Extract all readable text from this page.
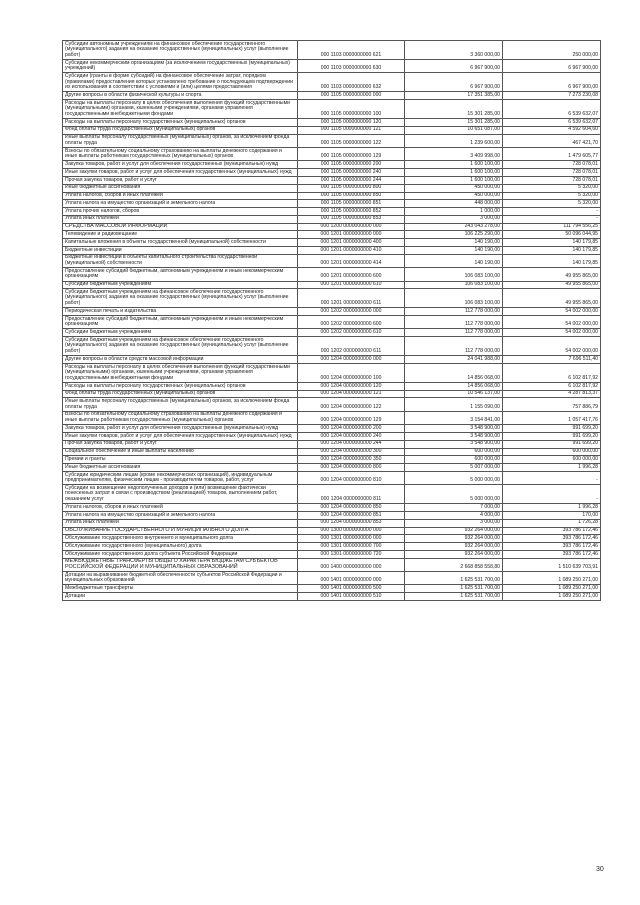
Субсидии автономным учреждениям на финансовое обеспечение государственного (муниципального) задания на оказание государственных (муниципальных) услуг (выполнение работ)	000 1103 0000000000 621	3 360 000,00	250 000,00
Субсидии некоммерческим организациям (за исключением государственных (муниципальных) учреждений)	000 1103 0000000000 630	6 967 900,00	6 967 900,00
Субсидии (гранты в форме субсидий) на финансовое обеспечение затрат, порядком (правилами) предоставления которых установлено требование о последующем подтверждении их использования в соответствии с условиями и (или) целями предоставления	000 1103 0000000000 632	6 967 900,00	6 967 900,00
Другие вопросы в области физической культуры и спорта	000 1105 0000000000 000	17 351 385,00	7 273 230,08
Расходы на выплаты персоналу в целях обеспечения выполнения функций государственными (муниципальными) органами, казенными учреждениями, органами управления государственными внебюджетными фондами	000 1105 0000000000 100	15 301 285,00	6 539 632,07
Расходы на выплаты персоналу государственных (муниципальных) органов	000 1105 0000000000 120	15 301 285,00	6 539 632,07
Фонд оплаты труда государственных (муниципальных) органов	000 1105 0000000000 121	10 651 087,00	4 592 604,60
Иные выплаты персоналу государственных (муниципальных) органов, за исключением фонда оплаты труда	000 1105 0000000000 122	1 239 600,00	467 421,70
Взносы по обязательному социальному страхованию на выплаты денежного содержания и иные выплаты работникам государственных (муниципальных) органов	000 1105 0000000000 129	3 409 998,00	1 479 605,77
Закупка товаров, работ и услуг для обеспечения государственных (муниципальных) нужд	000 1105 0000000000 200	1 600 100,00	728 078,01
Иные закупки товаров, работ и услуг для обеспечения государственных (муниципальных) нужд	000 1105 0000000000 240	1 600 100,00	728 078,01
Прочая закупка товаров, работ и услуг	000 1105 0000000000 244	1 600 100,00	728 078,01
Иные бюджетные ассигнования	000 1105 0000000000 800	450 000,00	5 320,00
Уплата налогов, сборов и иных платежей	000 1105 0000000000 850	450 000,00	5 320,00
Уплата налога на имущество организаций и земельного налога	000 1105 0000000000 851	448 000,00	5 320,00
Уплата прочих налогов, сборов	000 1105 0000000000 852	1 000,00	-
Уплата иных платежей	000 1105 0000000000 853	3 000,00	-
СРЕДСТВА МАССОВОЙ ИНФОРМАЦИИ	000 1200 0000000000 000	243 043 278,00	111 794 556,25
Телевидение и радиовещание	000 1201 0000000000 000	106 225 290,00	50 096 044,95
Капитальные вложения в объекты государственной (муниципальной) собственности	000 1201 0000000000 400	140 190,00	140 179,85
Бюджетные инвестиции	000 1201 0000000000 410	140 190,00	140 179,85
Бюджетные инвестиции в объекты капитального строительства государственной (муниципальной) собственности	000 1201 0000000000 414	140 190,00	140 179,85
Предоставление субсидий бюджетным, автономным учреждениям и иным некоммерческим организациям	000 1201 0000000000 600	106 083 100,00	49 955 865,00
Субсидии бюджетным учреждениям	000 1201 0000000000 610	106 083 100,00	49 955 865,00
Субсидии бюджетным учреждениям на финансовое обеспечение государственного (муниципального) задания на оказание государственных (муниципальных) услуг (выполнение работ)	000 1201 0000000000 611	106 083 100,00	49 955 865,00
Периодическая печать и издательства	000 1202 0000000000 000	112 778 000,00	54 002 000,00
Предоставление субсидий бюджетным, автономным учреждениям и иным некоммерческим организациям	000 1202 0000000000 600	112 778 000,00	54 002 000,00
Субсидии бюджетным учреждениям	000 1202 0000000000 610	112 778 000,00	54 002 000,00
Субсидии бюджетным учреждениям на финансовое обеспечение государственного (муниципального) задания на оказание государственных (муниципальных) услуг (выполнение работ)	000 1202 0000000000 611	112 778 000,00	54 002 000,00
Другие вопросы в области средств массовой информации	000 1204 0000000000 000	24 041 988,00	7 696 511,40
Расходы на выплаты персоналу в целях обеспечения выполнения функций государственными (муниципальными) органами, казенными учреждениями, органами управления государственными внебюджетными фондами	000 1204 0000000000 100	14 856 068,00	6 102 817,92
Расходы на выплаты персоналу государственных (муниципальных) органов	000 1204 0000000000 120	14 856 068,00	6 102 817,92
Фонд оплаты труда государственных (муниципальных) органов	000 1204 0000000000 121	10 546 137,00	4 287 813,37
Иные выплаты персоналу государственных (муниципальных) органов, за исключением фонда оплаты труда	000 1204 0000000000 122	1 155 090,00	757 886,79
Взносы по обязательному социальному страхованию на выплаты денежного содержания и иные выплаты работникам государственных (муниципальных) органов	000 1204 0000000000 129	3 154 841,00	1 057 417,76
Закупка товаров, работ и услуг для обеспечения государственных (муниципальных) нужд	000 1204 0000000000 200	3 548 900,00	991 699,20
Иные закупки товаров, работ и услуг для обеспечения государственных (муниципальных) нужд	000 1204 0000000000 240	3 548 900,00	991 699,20
Прочая закупка товаров, работ и услуг	000 1204 0000000000 244	3 548 900,00	991 699,20
Социальное обеспечение и иные выплаты населению	000 1204 0000000000 300	600 000,00	600 000,00
Премии и гранты	000 1204 0000000000 350	600 000,00	600 000,00
Иные бюджетные ассигнования	000 1204 0000000000 800	5 007 000,00	1 996,28
Субсидии юридическим лицам (кроме некоммерческих организаций), индивидуальным предпринимателям, физическим лицам - производителям товаров, работ, услуг	000 1204 0000000000 810	5 000 000,00	-
Субсидии на возмещение недополученных доходов и (или) возмещение фактически понесенных затрат в связи с производством (реализацией) товаров, выполнением работ, оказанием услуг	000 1204 0000000000 811	5 000 000,00	-
Уплата налогов, сборов и иных платежей	000 1204 0000000000 850	7 000,00	1 996,28
Уплата налога на имущество организаций и земельного налога	000 1204 0000000000 851	4 000,00	170,00
Уплата иных платежей	000 1204 0000000000 853	3 000,00	1 726,28
ОБСЛУЖИВАНИЕ ГОСУДАРСТВЕННОГО И МУНИЦИПАЛЬНОГО ДОЛГА	000 1300 0000000000 000	932 264 000,00	393 786 172,46
Обслуживание государственного внутреннего и муниципального долга	000 1301 0000000000 000	932 264 000,00	393 786 172,46
Обслуживание государственного (муниципального) долга	000 1301 0000000000 700	932 264 000,00	393 786 172,46
Обслуживание государственного долга субъекта Российской Федерации	000 1301 0000000000 720	932 264 000,00	393 786 172,46
МЕЖБЮДЖЕТНЫЕ ТРАНСФЕРТЫ ОБЩЕГО ХАРАКТЕРА БЮДЖЕТАМ СУБЪЕКТОВ РОССИЙСКОЙ ФЕДЕРАЦИИ И МУНИЦИПАЛЬНЫХ ОБРАЗОВАНИЙ	000 1400 0000000000 000	2 668 858 558,80	1 510 639 703,91
Дотации на выравнивание бюджетной обеспеченности субъектов Российской Федерации и муниципальных образований	000 1401 0000000000 000	1 625 531 700,00	1 089 250 271,00
Межбюджетные трансферты	000 1401 0000000000 500	1 625 531 700,00	1 089 250 271,00
Дотации	000 1401 0000000000 510	1 625 531 700,00	1 089 250 271,00
30
